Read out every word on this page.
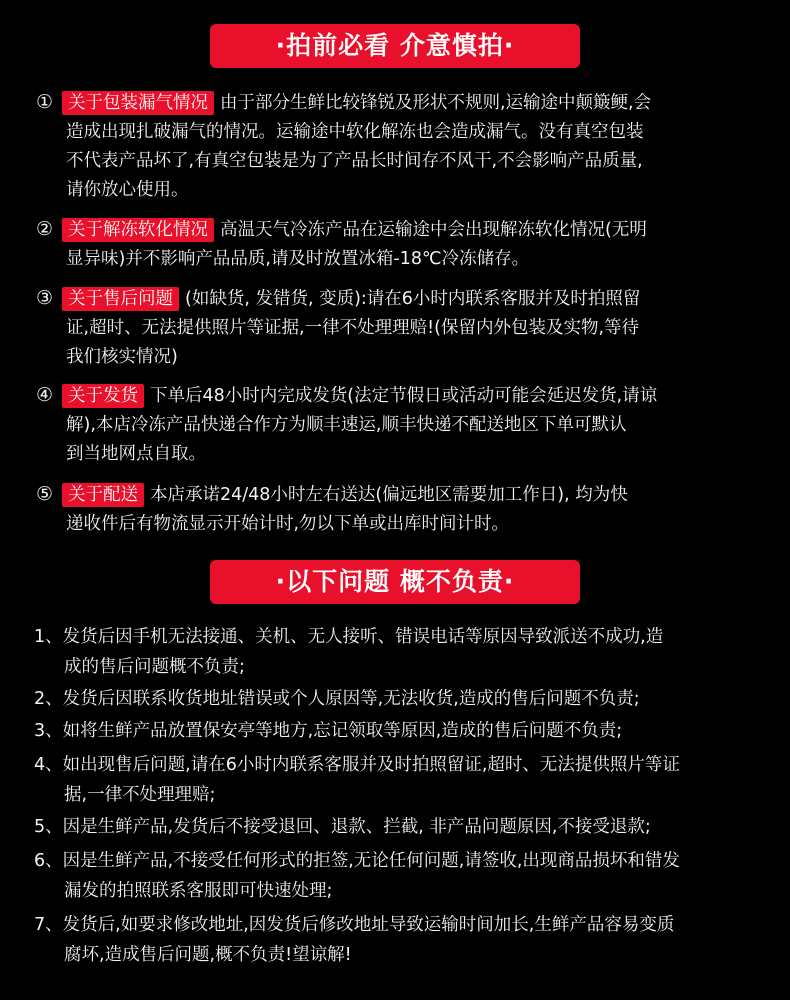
·拍前必看 介意慎拍·
① 关于包装漏气情况 由于部分生鲜比较锋锐及形状不规则,运输途中颠簸鲠,会
造成出现扎破漏气的情况。运输途中软化解冻也会造成漏气。没有真空包装
不代表产品坏了,有真空包装是为了产品长时间存不风干,不会影响产品质量,
请你放心使用。
② 关于解冻软化情况 高温天气冷冻产品在运输途中会出现解冻软化情况(无明
显异味)并不影响产品品质,请及时放置冰箱-18℃冷冻储存。
③ 关于售后问题 (如缺货, 发错货, 变质):请在6小时内联系客服并及时拍照留
证,超时、无法提供照片等证据,一律不处理理赔!(保留内外包装及实物,等待
我们核实情况)
④ 关于发货 下单后48小时内完成发货(法定节假日或活动可能会延迟发货,请谅
解),本店冷冻产品快递合作方为顺丰速运,顺丰快递不配送地区下单可默认
到当地网点自取。
⑤ 关于配送 本店承诺24/48小时左右送达(偏远地区需要加工作日), 均为快
递收件后有物流显示开始计时,勿以下单或出库时间计时。
·以下问题 概不负责·
1、发货后因手机无法接通、关机、无人接听、错误电话等原因导致派送不成功,造
成的售后问题概不负责;
2、发货后因联系收货地址错误或个人原因等,无法收货,造成的售后问题不负责;
3、如将生鲜产品放置保安亭等地方,忘记领取等原因,造成的售后问题不负责;
4、如出现售后问题,请在6小时内联系客服并及时拍照留证,超时、无法提供照片等证
据,一律不处理理赔;
5、因是生鲜产品,发货后不接受退回、退款、拦截, 非产品问题原因,不接受退款;
6、因是生鲜产品,不接受任何形式的拒签,无论任何问题,请签收,出现商品损坏和错发
漏发的拍照联系客服即可快速处理;
7、发货后,如要求修改地址,因发货后修改地址导致运输时间加长,生鲜产品容易变质
腐坏,造成售后问题,概不负责!望谅解!
